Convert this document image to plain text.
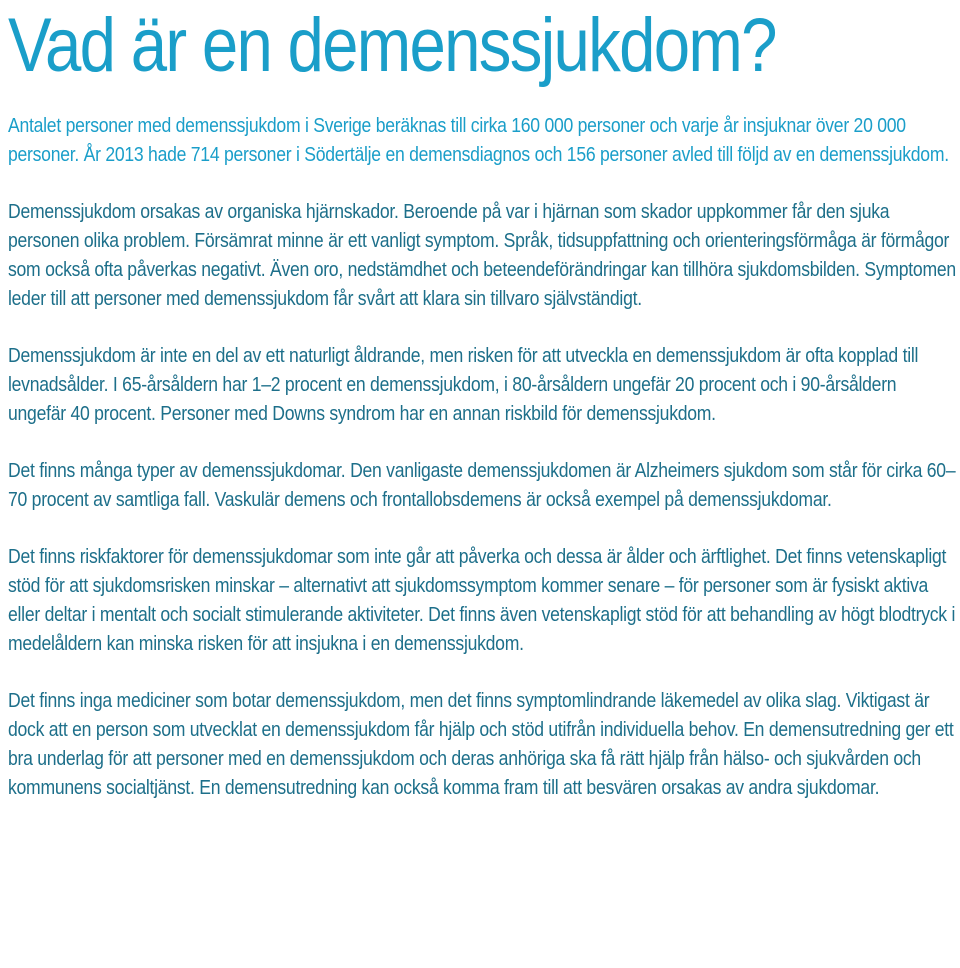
Vad är en demenssjukdom?

Antalet personer med demenssjukdom i Sverige beräknas till cirka 160 000 personer och varje år insjuknar över 20 000 personer. År 2013 hade 714 personer i Södertälje en demensdiagnos och 156 personer avled till följd av en demenssjukdom.

Demenssjukdom orsakas av organiska hjärnskador. Beroende på var i hjärnan som skador uppkommer får den sjuka personen olika problem. Försämrat minne är ett vanligt symptom. Språk, tidsuppfattning och orienteringsförmåga är förmågor som också ofta påverkas negativt. Även oro, nedstämdhet och beteendeförändringar kan tillhöra sjukdomsbilden. Symptomen leder till att personer med demenssjukdom får svårt att klara sin tillvaro självständigt.

Demenssjukdom är inte en del av ett naturligt åldrande, men risken för att utveckla en demenssjukdom är ofta kopplad till levnadsålder. I 65-årsåldern har 1–2 procent en demenssjukdom, i 80-årsåldern ungefär 20 procent och i 90-årsåldern ungefär 40 procent. Personer med Downs syndrom har en annan riskbild för demenssjukdom.

Det finns många typer av demenssjukdomar. Den vanligaste demenssjukdomen är Alzheimers sjukdom som står för cirka 60–70 procent av samtliga fall. Vaskulär demens och frontallobsdemens är också exempel på demenssjukdomar.

Det finns riskfaktorer för demenssjukdomar som inte går att påverka och dessa är ålder och ärftlighet. Det finns vetenskapligt stöd för att sjukdomsrisken minskar – alternativt att sjukdomssymptom kommer senare – för personer som är fysiskt aktiva eller deltar i mentalt och socialt stimulerande aktiviteter. Det finns även vetenskapligt stöd för att behandling av högt blodtryck i medelåldern kan minska risken för att insjukna i en demenssjukdom.

Det finns inga mediciner som botar demenssjukdom, men det finns symptomlindrande läkemedel av olika slag. Viktigast är dock att en person som utvecklat en demenssjukdom får hjälp och stöd utifrån individuella behov. En demensutredning ger ett bra underlag för att personer med en demenssjukdom och deras anhöriga ska få rätt hjälp från hälso- och sjukvården och kommunens socialtjänst. En demensutredning kan också komma fram till att besvären orsakas av andra sjukdomar.
